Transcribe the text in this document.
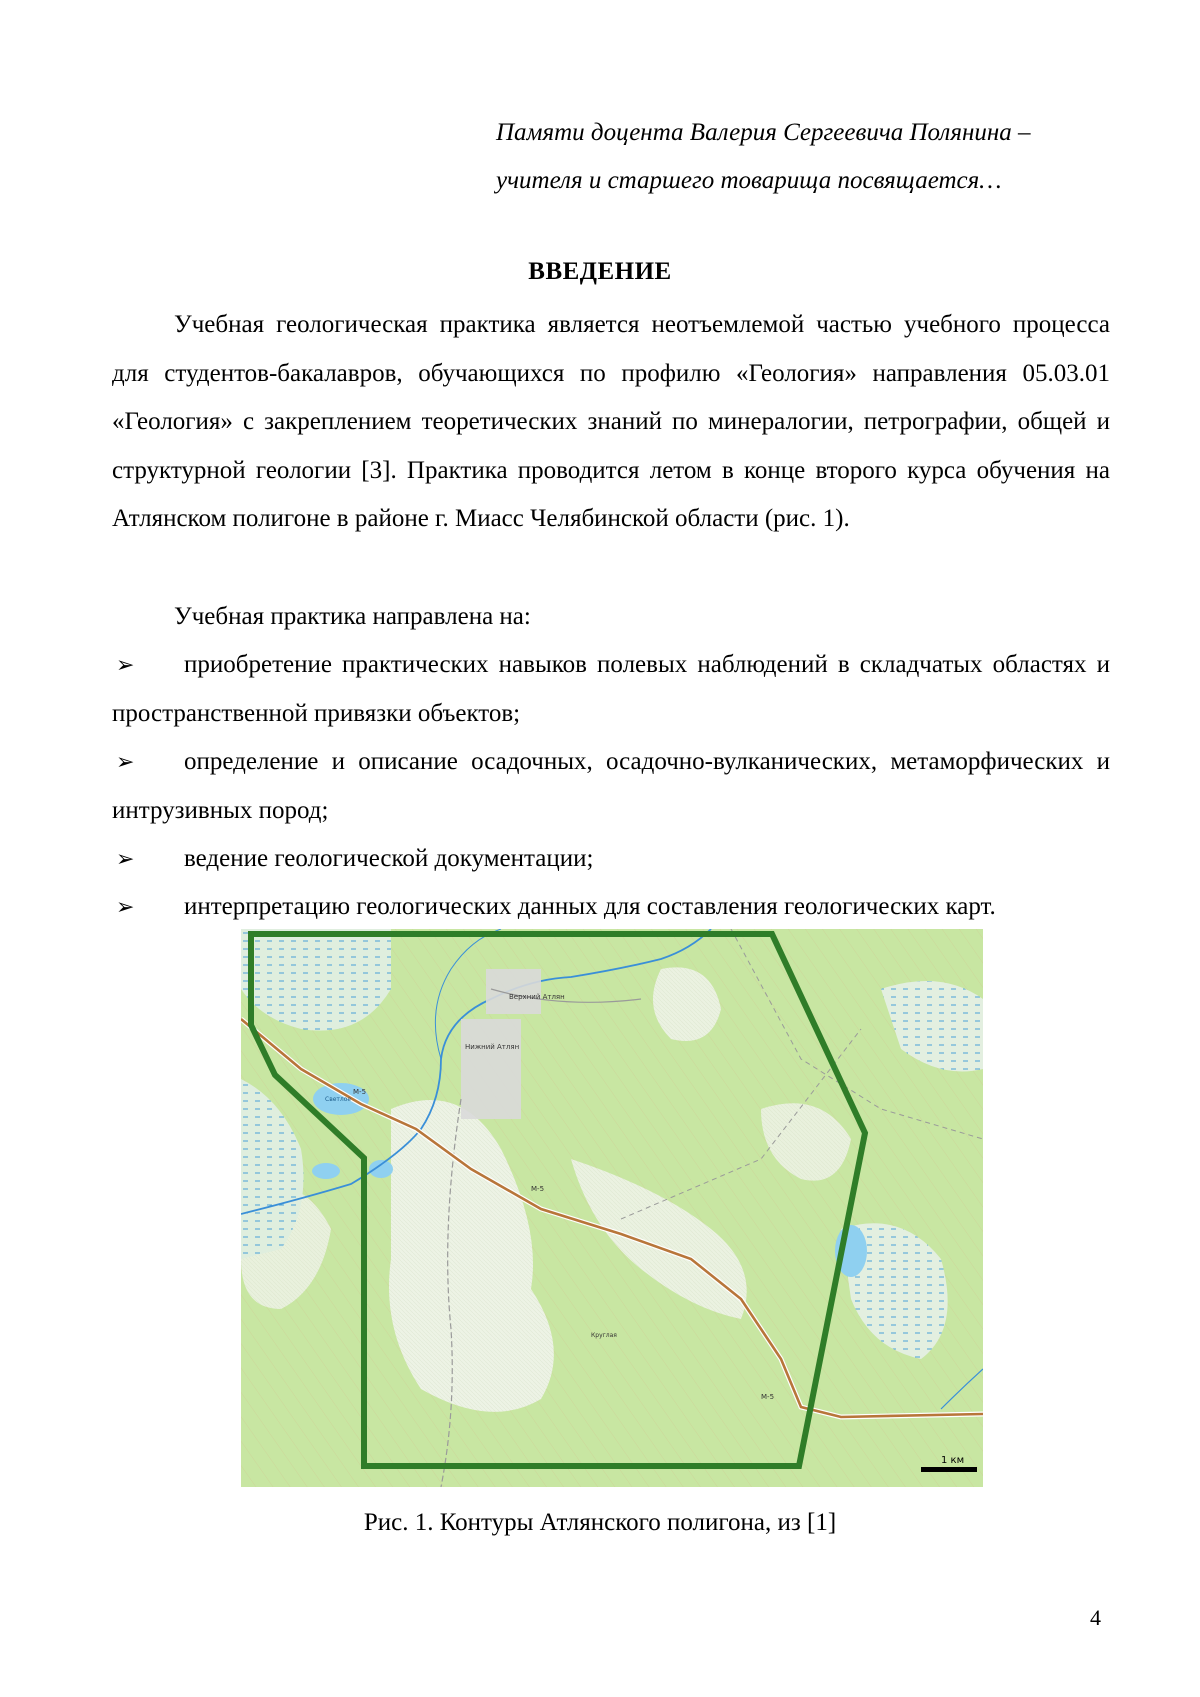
Памяти доцента Валерия Сергеевича Полянина –
учителя и старшего товарища посвящается…
ВВЕДЕНИЕ

Учебная геологическая практика является неотъемлемой частью учебного процесса для студентов-бакалавров, обучающихся по профилю «Геология» направления 05.03.01 «Геология» с закреплением теоретических знаний по минералогии, петрографии, общей и структурной геологии [3]. Практика проводится летом в конце второго курса обучения на Атлянском полигоне в районе г. Миасс Челябинской области (рис. 1).

Учебная практика направлена на:

➢	приобретение практических навыков полевых наблюдений в складчатых областях и пространственной привязки объектов;
➢	определение и описание осадочных, осадочно-вулканических, метаморфических и интрузивных пород;
➢	ведение геологической документации;
➢	интерпретацию геологических данных для составления геологических карт.
Верхний Атлян
Нижний Атлян
Светлое
М-5
М-5
М-5
Круглая
1 км
Рис. 1. Контуры Атлянского полигона, из [1]
4
